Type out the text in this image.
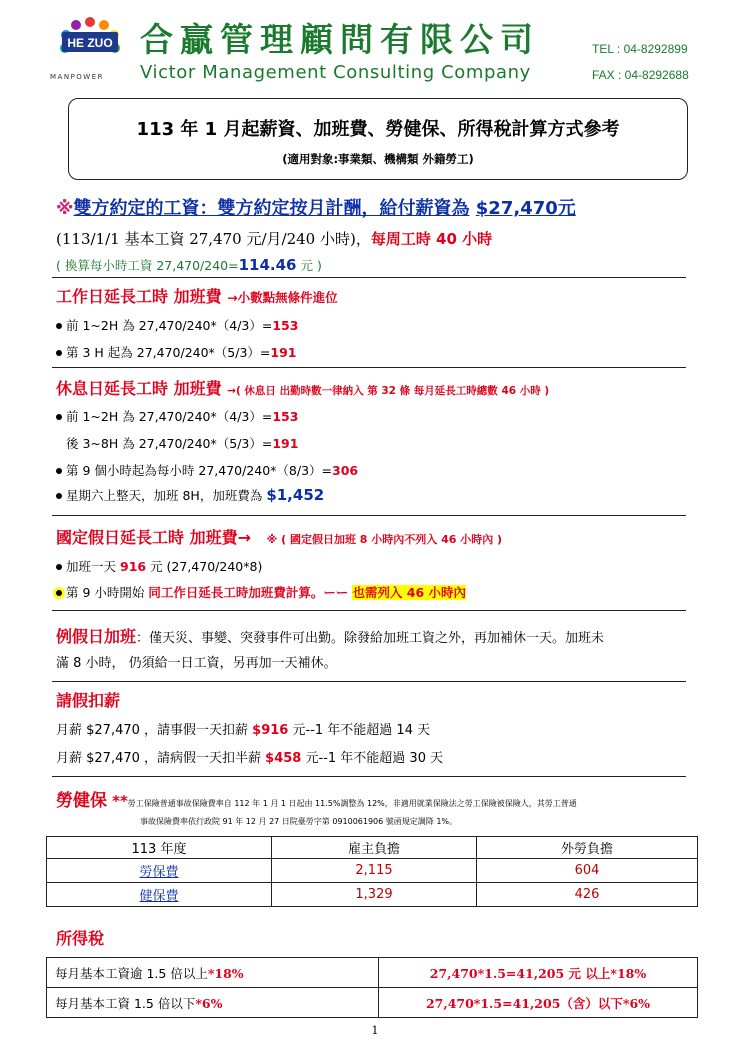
HE ZUO
MANPOWER
合贏管理顧問有限公司
Victor Management Consulting Company
TEL : 04-8292899
FAX : 04-8292688
113 年 1 月起薪資、加班費、勞健保、所得稅計算方式參考
(適用對象:事業類、機構類 外籍勞工)
※雙方約定的工資：雙方約定按月計酬，給付薪資為 $27,470元
(113/1/1 基本工資 27,470 元/月/240 小時)，每周工時 40 小時
( 換算每小時工資 27,470/240=114.46 元 )
工作日延長工時 加班費 →小數點無條件進位
前 1~2H 為 27,470/240*（4/3）=153
第 3 H 起為 27,470/240*（5/3）=191
休息日延長工時 加班費 →( 休息日 出勤時數一律納入 第 32 條 每月延長工時總數 46 小時 )
前 1~2H 為 27,470/240*（4/3）=153
後 3~8H 為 27,470/240*（5/3）=191
第 9 個小時起為每小時 27,470/240*（8/3）=306
星期六上整天，加班 8H，加班費為 $1,452
國定假日延長工時 加班費→ ※ ( 國定假日加班 8 小時內不列入 46 小時內 )
加班一天 916 元 (27,470/240*8)
第 9 小時開始 同工作日延長工時加班費計算。ーー 也需列入 46 小時內
例假日加班：僅天災、事變、突發事件可出勤。除發給加班工資之外，再加補休一天。加班未
滿 8 小時， 仍須給一日工資，另再加一天補休。
請假扣薪
月薪 $27,470 ，請事假一天扣薪 $916 元--1 年不能超過 14 天
月薪 $27,470 ，請病假一天扣半薪 $458 元--1 年不能超過 30 天
勞健保 **勞工保險普通事故保險費率自 112 年 1 月 1 日起由 11.5%調整為 12%，非適用就業保險法之勞工保險被保險人，其勞工普通
事故保險費率依行政院 91 年 12 月 27 日院臺勞字第 0910061906 號函規定調降 1%。
113 年度	雇主負擔	外勞負擔
勞保費	2,115	604
健保費	1,329	426
所得稅
每月基本工資逾 1.5 倍以上*18%	27,470*1.5=41,205 元 以上*18%
每月基本工資 1.5 倍以下*6%	27,470*1.5=41,205（含）以下*6%
1
